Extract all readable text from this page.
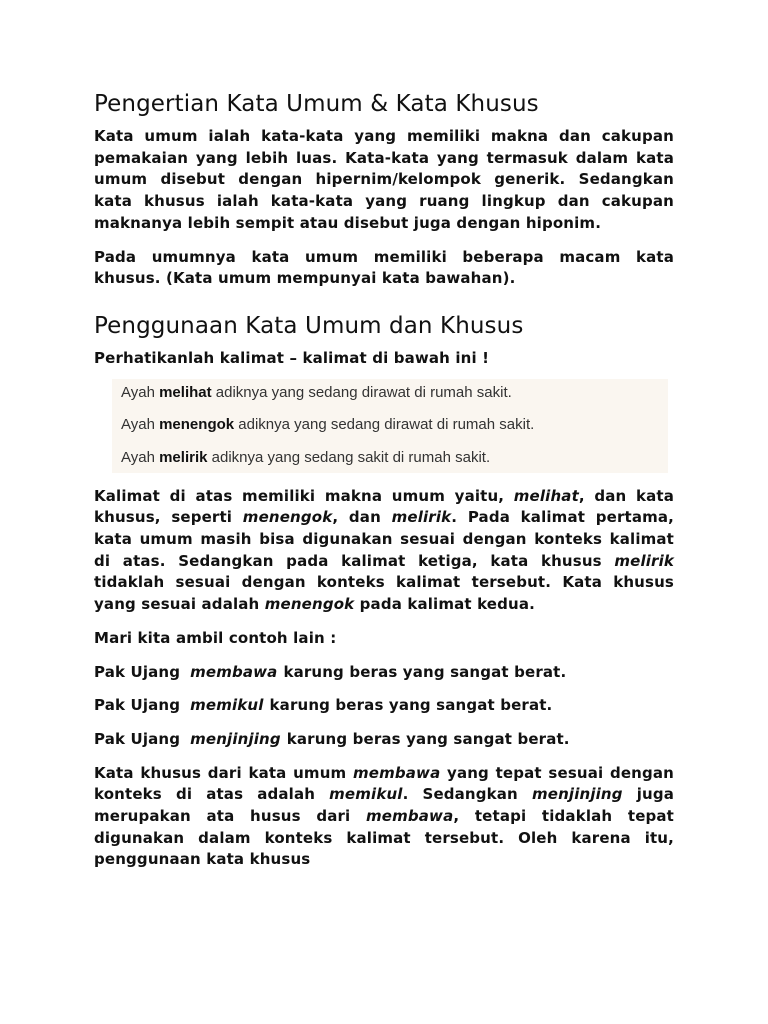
Pengertian Kata Umum & Kata Khusus

Kata umum ialah kata-kata yang memiliki makna dan cakupan pemakaian yang lebih luas. Kata-kata yang termasuk dalam kata umum disebut dengan hipernim/kelompok generik. Sedangkan kata khusus ialah kata-kata yang ruang lingkup dan cakupan maknanya lebih sempit atau disebut juga dengan hiponim.

Pada umumnya kata umum memiliki beberapa macam kata khusus. (Kata umum mempunyai kata bawahan).

Penggunaan Kata Umum dan Khusus

Perhatikanlah kalimat – kalimat di bawah ini !

Ayah melihat adiknya yang sedang dirawat di rumah sakit.
Ayah menengok adiknya yang sedang dirawat di rumah sakit.
Ayah melirik adiknya yang sedang sakit di rumah sakit.

Kalimat di atas memiliki makna umum yaitu, melihat, dan kata khusus, seperti menengok, dan melirik. Pada kalimat pertama, kata umum masih bisa digunakan sesuai dengan konteks kalimat di atas. Sedangkan pada kalimat ketiga, kata khusus melirik tidaklah sesuai dengan konteks kalimat tersebut. Kata khusus yang sesuai adalah menengok pada kalimat kedua.

Mari kita ambil contoh lain :

Pak Ujang membawa karung beras yang sangat berat.

Pak Ujang memikul karung beras yang sangat berat.

Pak Ujang menjinjing karung beras yang sangat berat.

Kata khusus dari kata umum membawa yang tepat sesuai dengan konteks di atas adalah memikul. Sedangkan menjinjing juga merupakan ata husus dari membawa, tetapi tidaklah tepat digunakan dalam konteks kalimat tersebut. Oleh karena itu, penggunaan kata khusus
